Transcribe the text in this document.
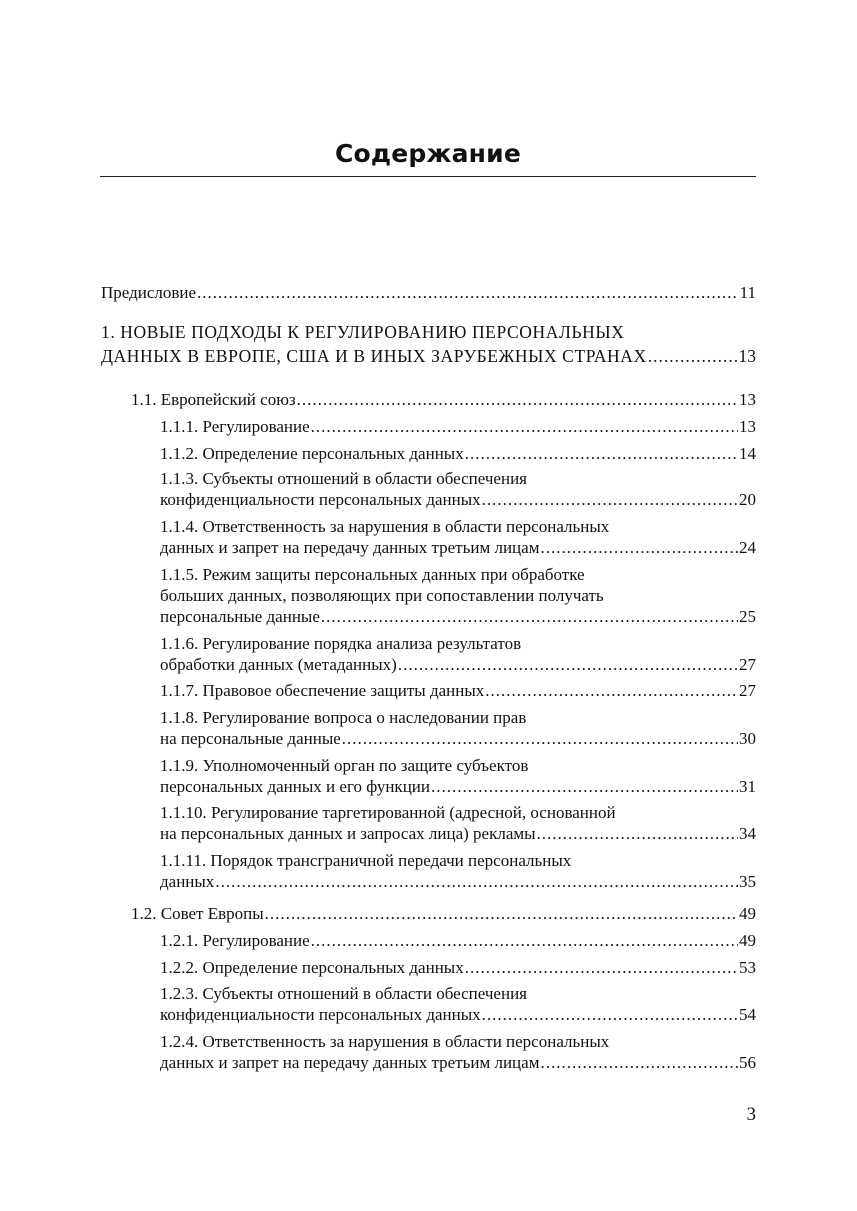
Содержание
Предисловие .....	11
1. НОВЫЕ ПОДХОДЫ К РЕГУЛИРОВАНИЮ ПЕРСОНАЛЬНЫХ
ДАННЫХ В ЕВРОПЕ, США И В ИНЫХ ЗАРУБЕЖНЫХ СТРАНАХ .....	13
1.1. Европейский союз .....	13
1.1.1. Регулирование .....	13
1.1.2. Определение персональных данных .....	14
1.1.3. Субъекты отношений в области обеспечения
конфиденциальности персональных данных .....	20
1.1.4. Ответственность за нарушения в области персональных
данных и запрет на передачу данных третьим лицам .....	24
1.1.5. Режим защиты персональных данных при обработке
больших данных, позволяющих при сопоставлении получать
персональные данные .....	25
1.1.6. Регулирование порядка анализа результатов
обработки данных (метаданных) .....	27
1.1.7. Правовое обеспечение защиты данных .....	27
1.1.8. Регулирование вопроса о наследовании прав
на персональные данные .....	30
1.1.9. Уполномоченный орган по защите субъектов
персональных данных и его функции .....	31
1.1.10. Регулирование таргетированной (адресной, основанной
на персональных данных и запросах лица) рекламы .....	34
1.1.11. Порядок трансграничной передачи персональных
данных .....	35
1.2. Совет Европы .....	49
1.2.1. Регулирование .....	49
1.2.2. Определение персональных данных .....	53
1.2.3. Субъекты отношений в области обеспечения
конфиденциальности персональных данных .....	54
1.2.4. Ответственность за нарушения в области персональных
данных и запрет на передачу данных третьим лицам .....	56
3
